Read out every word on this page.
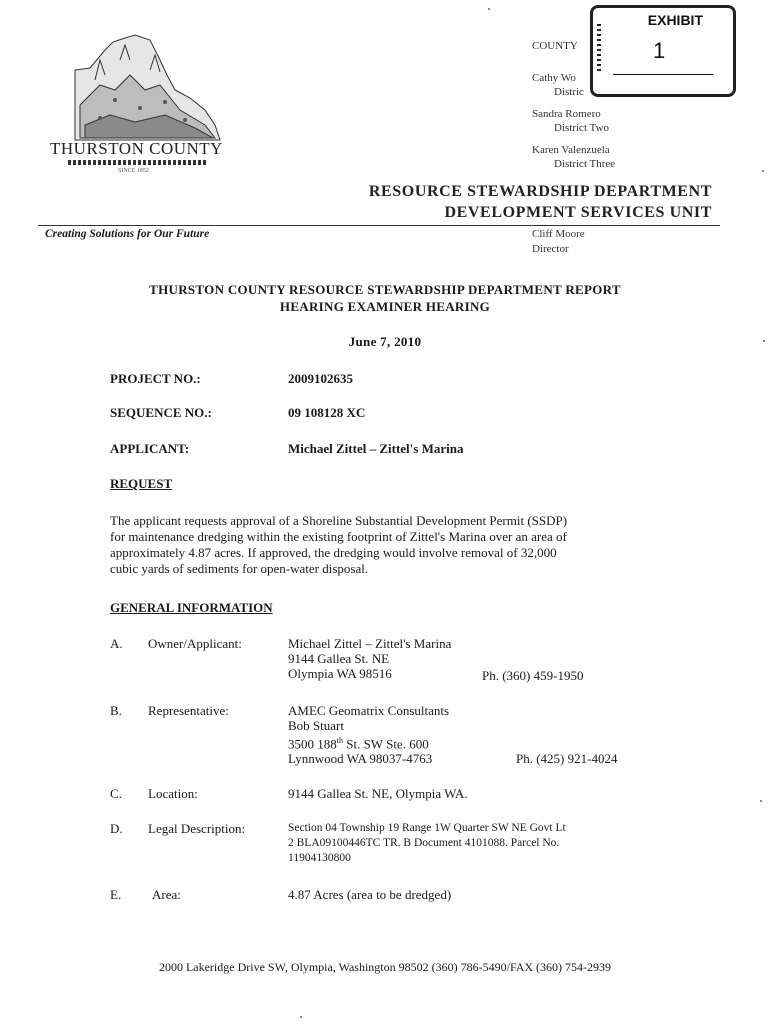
THURSTON COUNTY
SINCE 1852
COUNTY
Cathy Wo
Distric
Sandra Romero
District Two
Karen Valenzuela
District Three
EXHIBIT
1
RESOURCE STEWARDSHIP DEPARTMENT
DEVELOPMENT SERVICES UNIT
Creating Solutions for Our Future	Cliff Moore
Director
THURSTON COUNTY RESOURCE STEWARDSHIP DEPARTMENT REPORT
HEARING EXAMINER HEARING
June 7, 2010
PROJECT NO.:	2009102635
SEQUENCE NO.:	09 108128 XC
APPLICANT:	Michael Zittel – Zittel's Marina
REQUEST
The applicant requests approval of a Shoreline Substantial Development Permit (SSDP)
for maintenance dredging within the existing footprint of Zittel's Marina over an area of
approximately 4.87 acres. If approved, the dredging would involve removal of 32,000
cubic yards of sediments for open-water disposal.
GENERAL INFORMATION
A. Owner/Applicant:	Michael Zittel – Zittel's Marina
9144 Gallea St. NE
Olympia WA 98516	Ph. (360) 459-1950
B. Representative:	AMEC Geomatrix Consultants
Bob Stuart
3500 188th St. SW Ste. 600
Lynnwood WA 98037-4763	Ph. (425) 921-4024
C. Location:	9144 Gallea St. NE, Olympia WA.
D. Legal Description:	Section 04 Township 19 Range 1W Quarter SW NE Govt Lt
2 BLA09100446TC TR. B Document 4101088. Parcel No.
11904130800
E. Area:	4.87 Acres (area to be dredged)
2000 Lakeridge Drive SW, Olympia, Washington 98502 (360) 786-5490/FAX (360) 754-2939
